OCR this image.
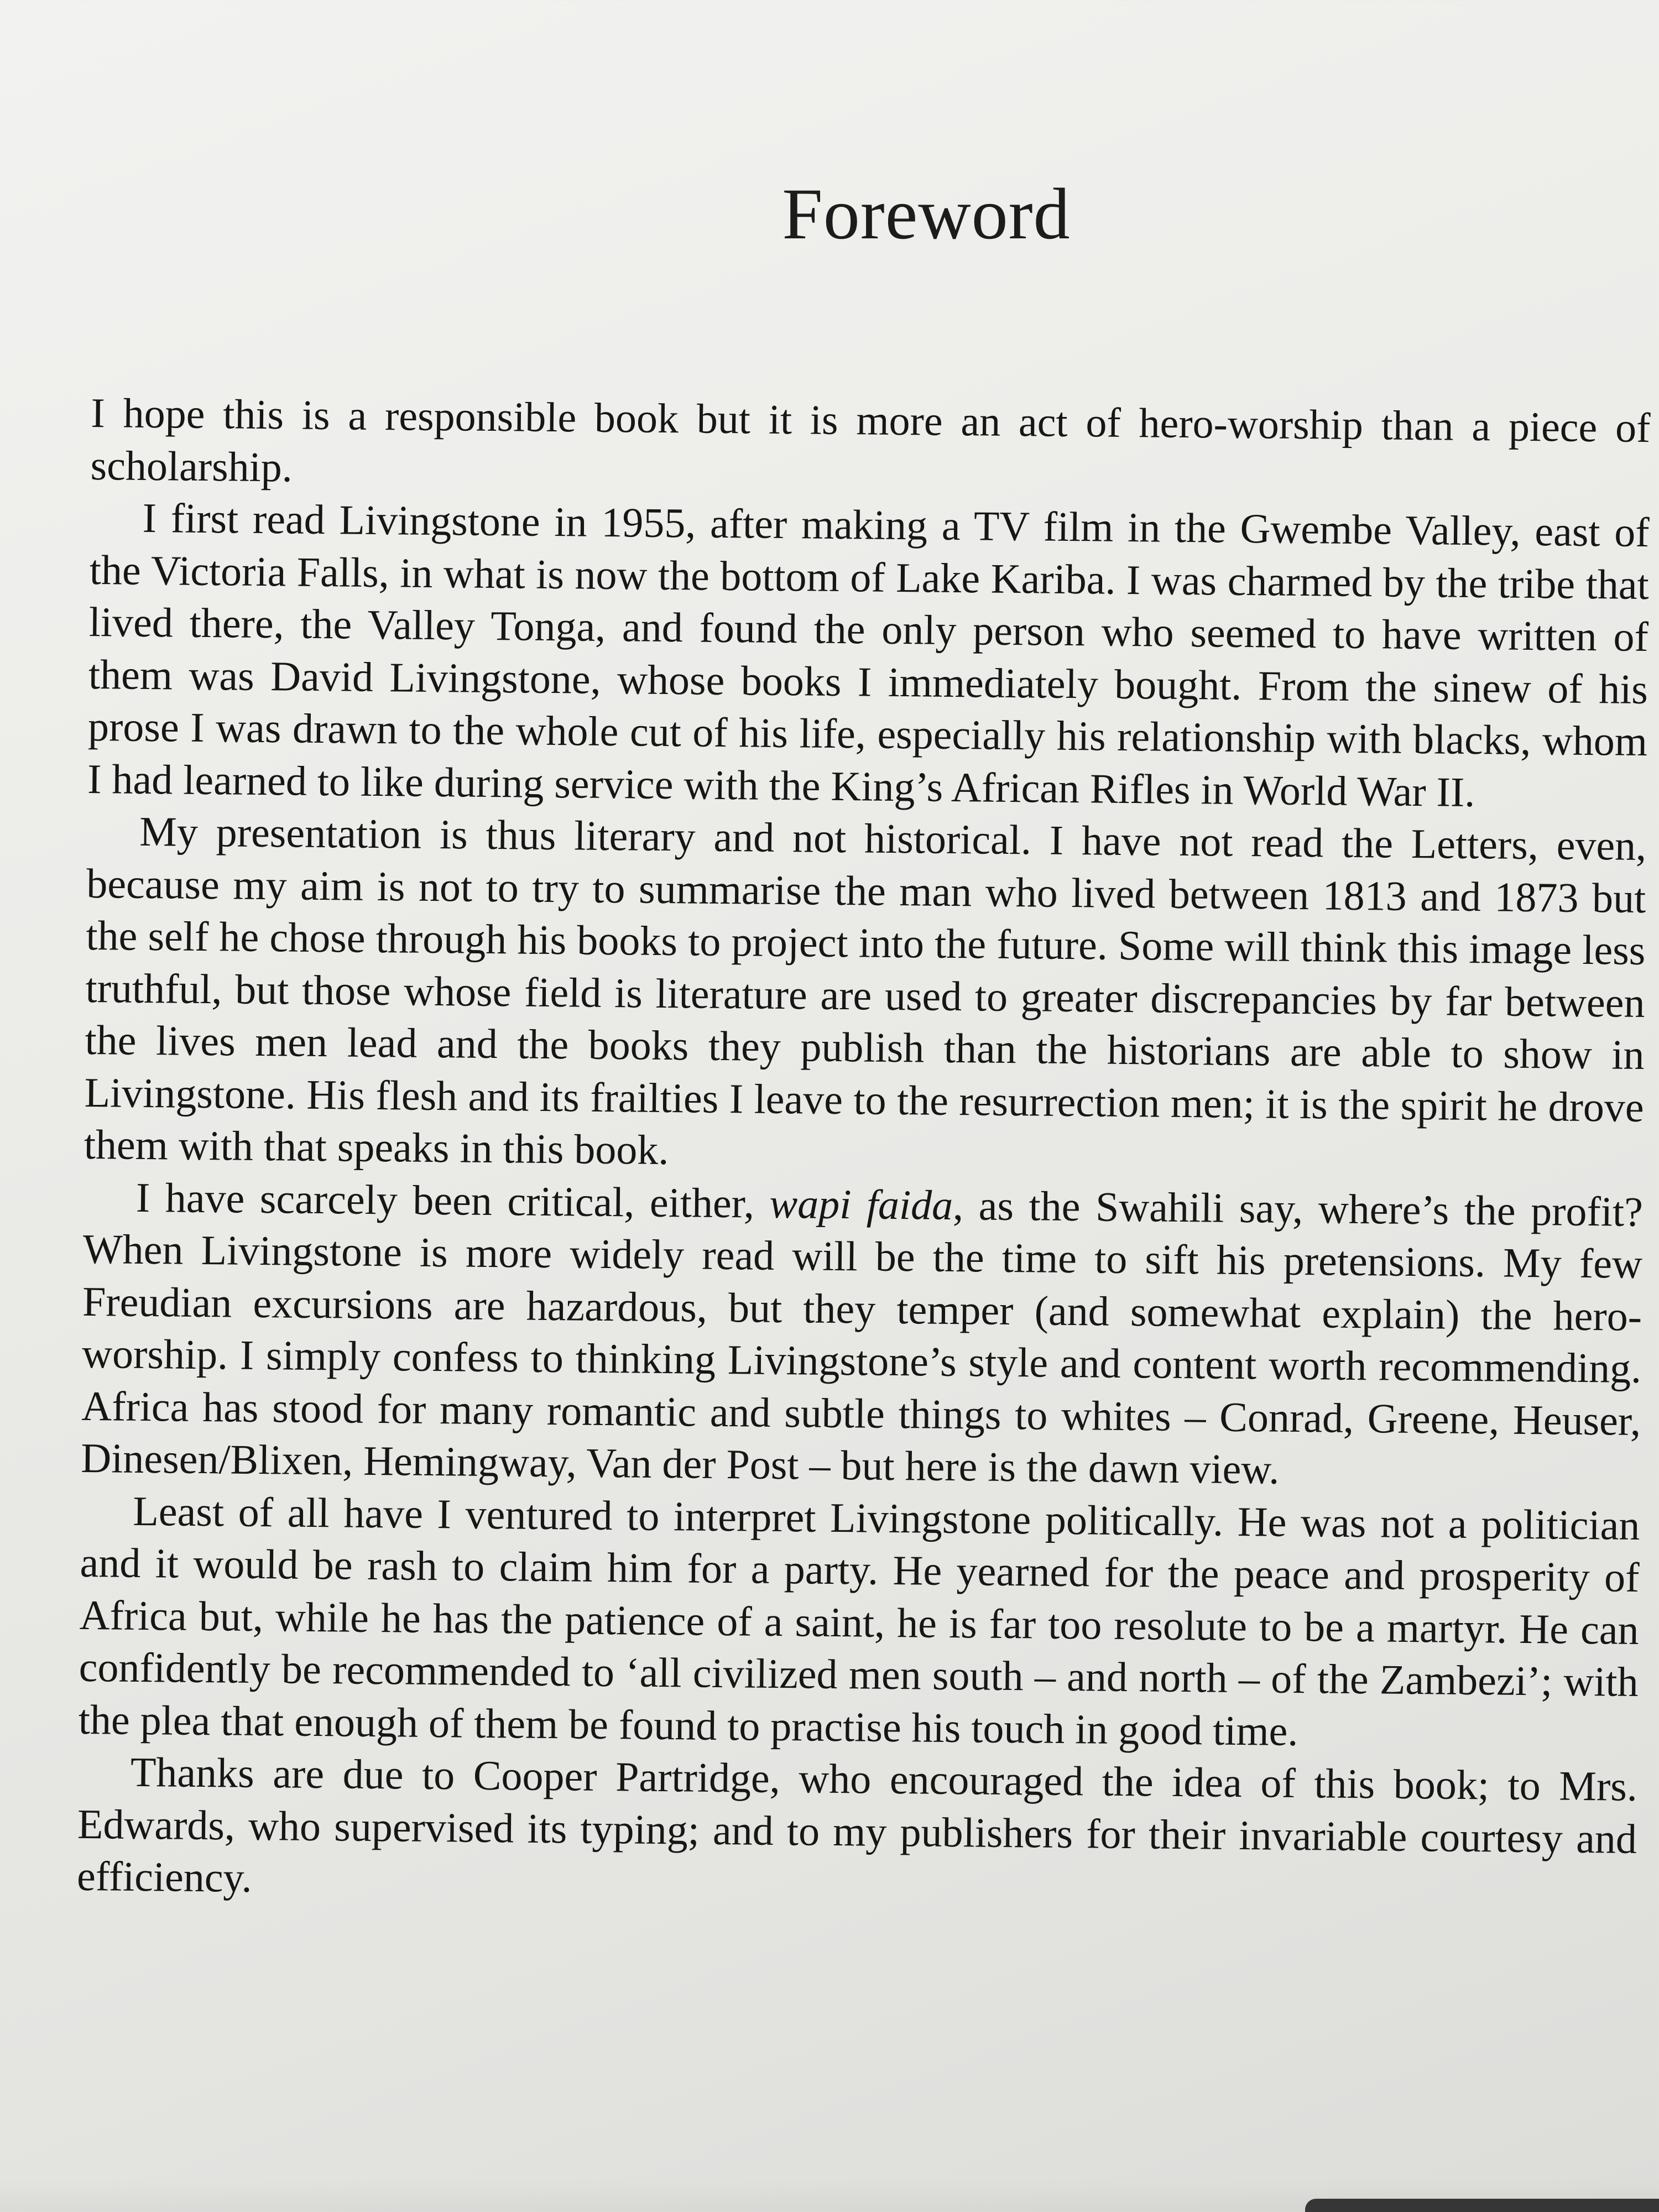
Foreword

I hope this is a responsible book but it is more an act of hero-worship than a piece of scholarship.

I first read Livingstone in 1955, after making a TV film in the Gwembe Valley, east of the Victoria Falls, in what is now the bottom of Lake Kariba. I was charmed by the tribe that lived there, the Valley Tonga, and found the only person who seemed to have written of them was David Livingstone, whose books I immediately bought. From the sinew of his prose I was drawn to the whole cut of his life, especially his relationship with blacks, whom I had learned to like during service with the King’s African Rifles in World War II.

My presentation is thus literary and not historical. I have not read the Letters, even, because my aim is not to try to summarise the man who lived between 1813 and 1873 but the self he chose through his books to project into the future. Some will think this image less truthful, but those whose field is literature are used to greater discrepancies by far between the lives men lead and the books they publish than the historians are able to show in Livingstone. His flesh and its frailties I leave to the resurrection men; it is the spirit he drove them with that speaks in this book.

I have scarcely been critical, either, wapi faida, as the Swahili say, where’s the profit? When Livingstone is more widely read will be the time to sift his pretensions. My few Freudian excursions are hazardous, but they temper (and somewhat explain) the hero-worship. I simply confess to thinking Livingstone’s style and content worth recommending. Africa has stood for many romantic and subtle things to whites – Conrad, Greene, Heuser, Dinesen/Blixen, Hemingway, Van der Post – but here is the dawn view.

Least of all have I ventured to interpret Livingstone politically. He was not a politician and it would be rash to claim him for a party. He yearned for the peace and prosperity of Africa but, while he has the patience of a saint, he is far too resolute to be a martyr. He can confidently be recommended to ‘all civilized men south – and north – of the Zambezi’; with the plea that enough of them be found to practise his touch in good time.

Thanks are due to Cooper Partridge, who encouraged the idea of this book; to Mrs. Edwards, who supervised its typing; and to my publishers for their invariable courtesy and efficiency.
